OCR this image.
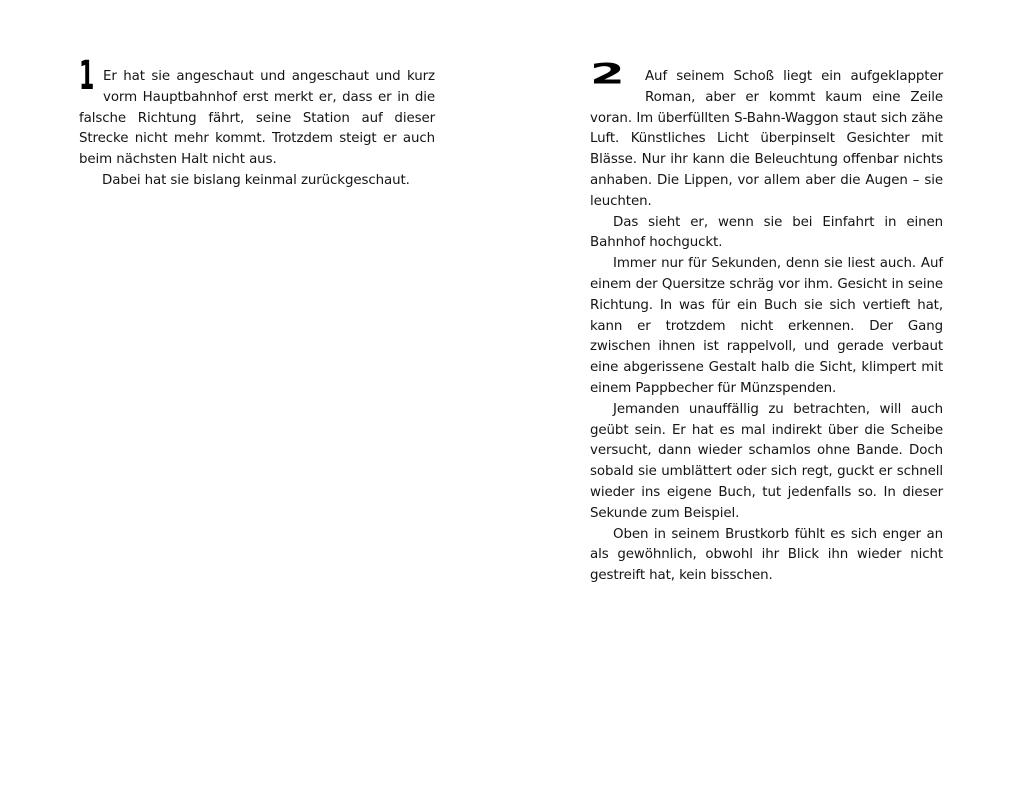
1 Er hat sie angeschaut und angeschaut und kurz vorm Hauptbahnhof erst merkt er, dass er in die falsche Richtung fährt, seine Station auf dieser Strecke nicht mehr kommt. Trotzdem steigt er auch beim nächsten Halt nicht aus.

Dabei hat sie bislang keinmal zurückgeschaut.

2	Auf seinem Schoß liegt ein aufgeklappter Roman, aber er kommt kaum eine Zeile voran. Im überfüllten S-Bahn-Waggon staut sich zähe Luft. Künstliches Licht überpinselt Gesichter mit Blässe. Nur ihr kann die Beleuchtung offenbar nichts anhaben. Die Lippen, vor allem aber die Augen – sie leuchten.

Das sieht er, wenn sie bei Einfahrt in einen Bahnhof hochguckt.

Immer nur für Sekunden, denn sie liest auch. Auf einem der Quersitze schräg vor ihm. Gesicht in seine Richtung. In was für ein Buch sie sich vertieft hat, kann er trotzdem nicht erkennen. Der Gang zwischen ihnen ist rappelvoll, und gerade verbaut eine abgerissene Gestalt halb die Sicht, klimpert mit einem Pappbecher für Münzspenden.

Jemanden unauffällig zu betrachten, will auch geübt sein. Er hat es mal indirekt über die Scheibe versucht, dann wieder schamlos ohne Bande. Doch sobald sie umblättert oder sich regt, guckt er schnell wieder ins eigene Buch, tut jedenfalls so. In dieser Sekunde zum Beispiel.

Oben in seinem Brustkorb fühlt es sich enger an als gewöhnlich, obwohl ihr Blick ihn wieder nicht gestreift hat, kein bisschen.
